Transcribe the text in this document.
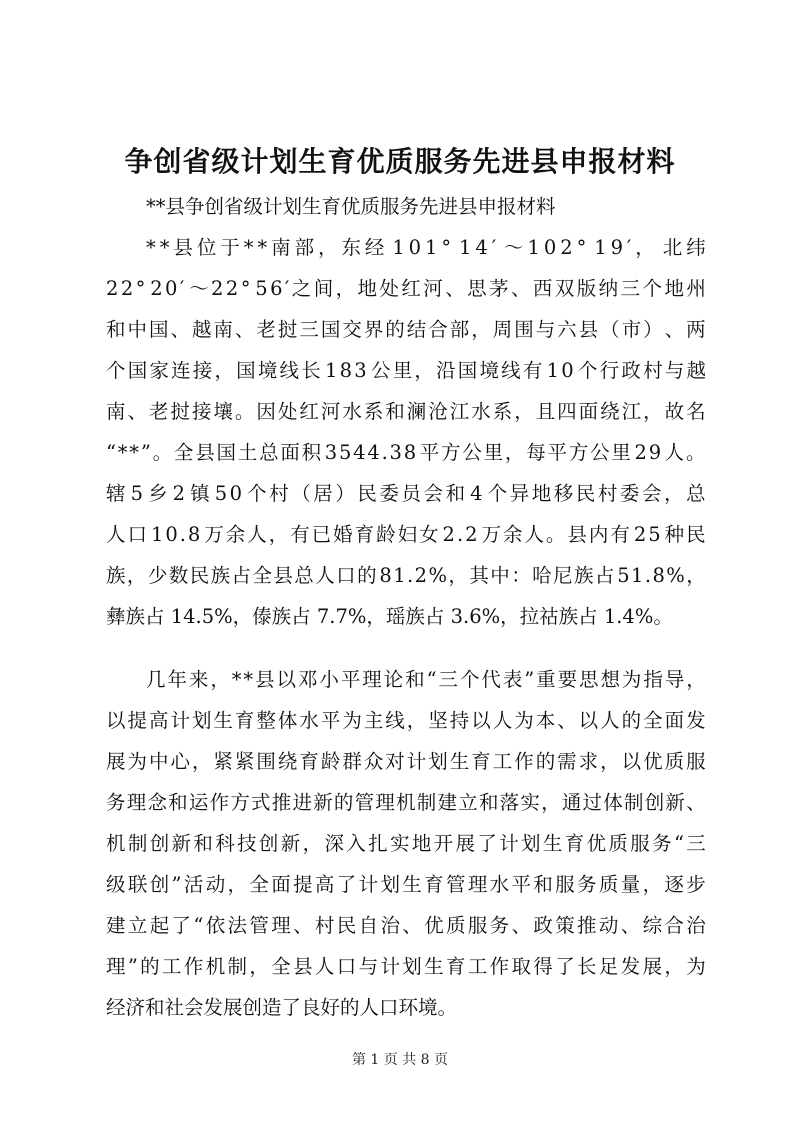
争创省级计划生育优质服务先进县申报材料
**县争创省级计划生育优质服务先进县申报材料
* * 县 位 于 * * 南 部 ， 东 经 1 0 1 ° 1 4 ′ ～ 1 0 2 ° 1 9 ′ ， 北 纬
2 2 ° 2 0 ′ ～ 2 2 ° 5 6 ′ 之 间 ， 地 处 红 河 、 思 茅 、 西 双 版 纳 三 个 地 州
和 中 国 、 越 南 、 老 挝 三 国 交 界 的 结 合 部 ， 周 围 与 六 县 （ 市 ） 、 两
个 国 家 连 接 ， 国 境 线 长 1 8 3 公 里 ， 沿 国 境 线 有 1 0 个 行 政 村 与 越
南 、 老 挝 接 壤 。 因 处 红 河 水 系 和 澜 沧 江 水 系 ， 且 四 面 绕 江 ， 故 名
“ * * ” 。 全 县 国 土 总 面 积 3 5 4 4 . 3 8 平 方 公 里 ， 每 平 方 公 里 2 9 人 。
辖 5 乡 2 镇 5 0 个 村 （ 居 ） 民 委 员 会 和 4 个 异 地 移 民 村 委 会 ， 总
人 口 1 0 . 8 万 余 人 ， 有 已 婚 育 龄 妇 女 2 . 2 万 余 人 。 县 内 有 2 5 种 民
族 ， 少 数 民 族 占 全 县 总 人 口 的 8 1 . 2 % ， 其 中 ： 哈 尼 族 占 5 1 . 8 % ，
彝族占 14.5%，傣族占 7.7%，瑶族占 3.6%，拉祜族占 1.4%。
几 年 来 ， * * 县 以 邓 小 平 理 论 和 “ 三 个 代 表 ” 重 要 思 想 为 指 导 ，
以 提 高 计 划 生 育 整 体 水 平 为 主 线 ， 坚 持 以 人 为 本 、 以 人 的 全 面 发
展 为 中 心 ， 紧 紧 围 绕 育 龄 群 众 对 计 划 生 育 工 作 的 需 求 ， 以 优 质 服
务 理 念 和 运 作 方 式 推 进 新 的 管 理 机 制 建 立 和 落 实 ， 通 过 体 制 创 新 、
机 制 创 新 和 科 技 创 新 ， 深 入 扎 实 地 开 展 了 计 划 生 育 优 质 服 务 “ 三
级 联 创 ” 活 动 ， 全 面 提 高 了 计 划 生 育 管 理 水 平 和 服 务 质 量 ， 逐 步
建 立 起 了 “ 依 法 管 理 、 村 民 自 治 、 优 质 服 务 、 政 策 推 动 、 综 合 治
理 ” 的 工 作 机 制 ， 全 县 人 口 与 计 划 生 育 工 作 取 得 了 长 足 发 展 ， 为
经济和社会发展创造了良好的人口环境。
第 1 页 共 8 页
